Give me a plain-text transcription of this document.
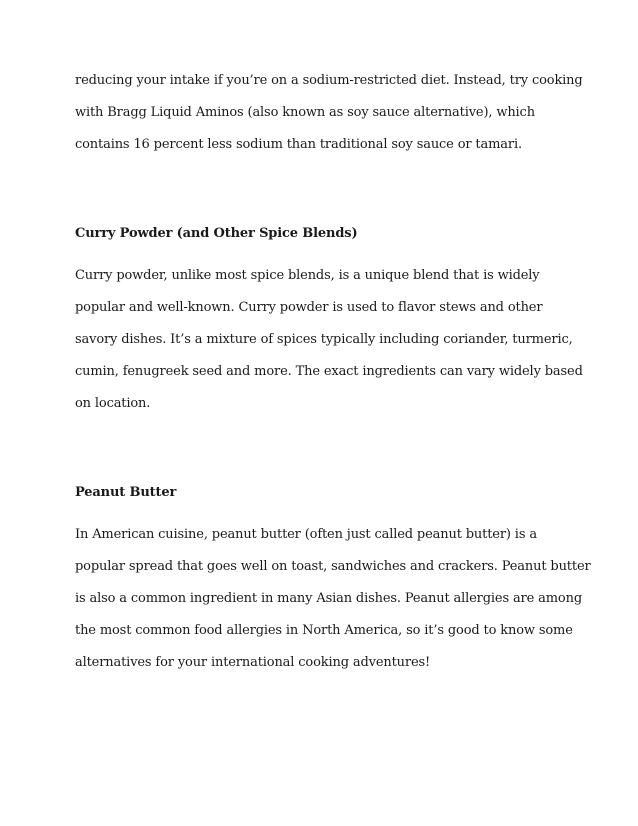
reducing your intake if you’re on a sodium-restricted diet. Instead, try cooking

with Bragg Liquid Aminos (also known as soy sauce alternative), which

contains 16 percent less sodium than traditional soy sauce or tamari.

Curry Powder (and Other Spice Blends)

Curry powder, unlike most spice blends, is a unique blend that is widely

popular and well-known. Curry powder is used to flavor stews and other

savory dishes. It’s a mixture of spices typically including coriander, turmeric,

cumin, fenugreek seed and more. The exact ingredients can vary widely based

on location.

Peanut Butter

In American cuisine, peanut butter (often just called peanut butter) is a

popular spread that goes well on toast, sandwiches and crackers. Peanut butter

is also a common ingredient in many Asian dishes. Peanut allergies are among

the most common food allergies in North America, so it’s good to know some

alternatives for your international cooking adventures!
